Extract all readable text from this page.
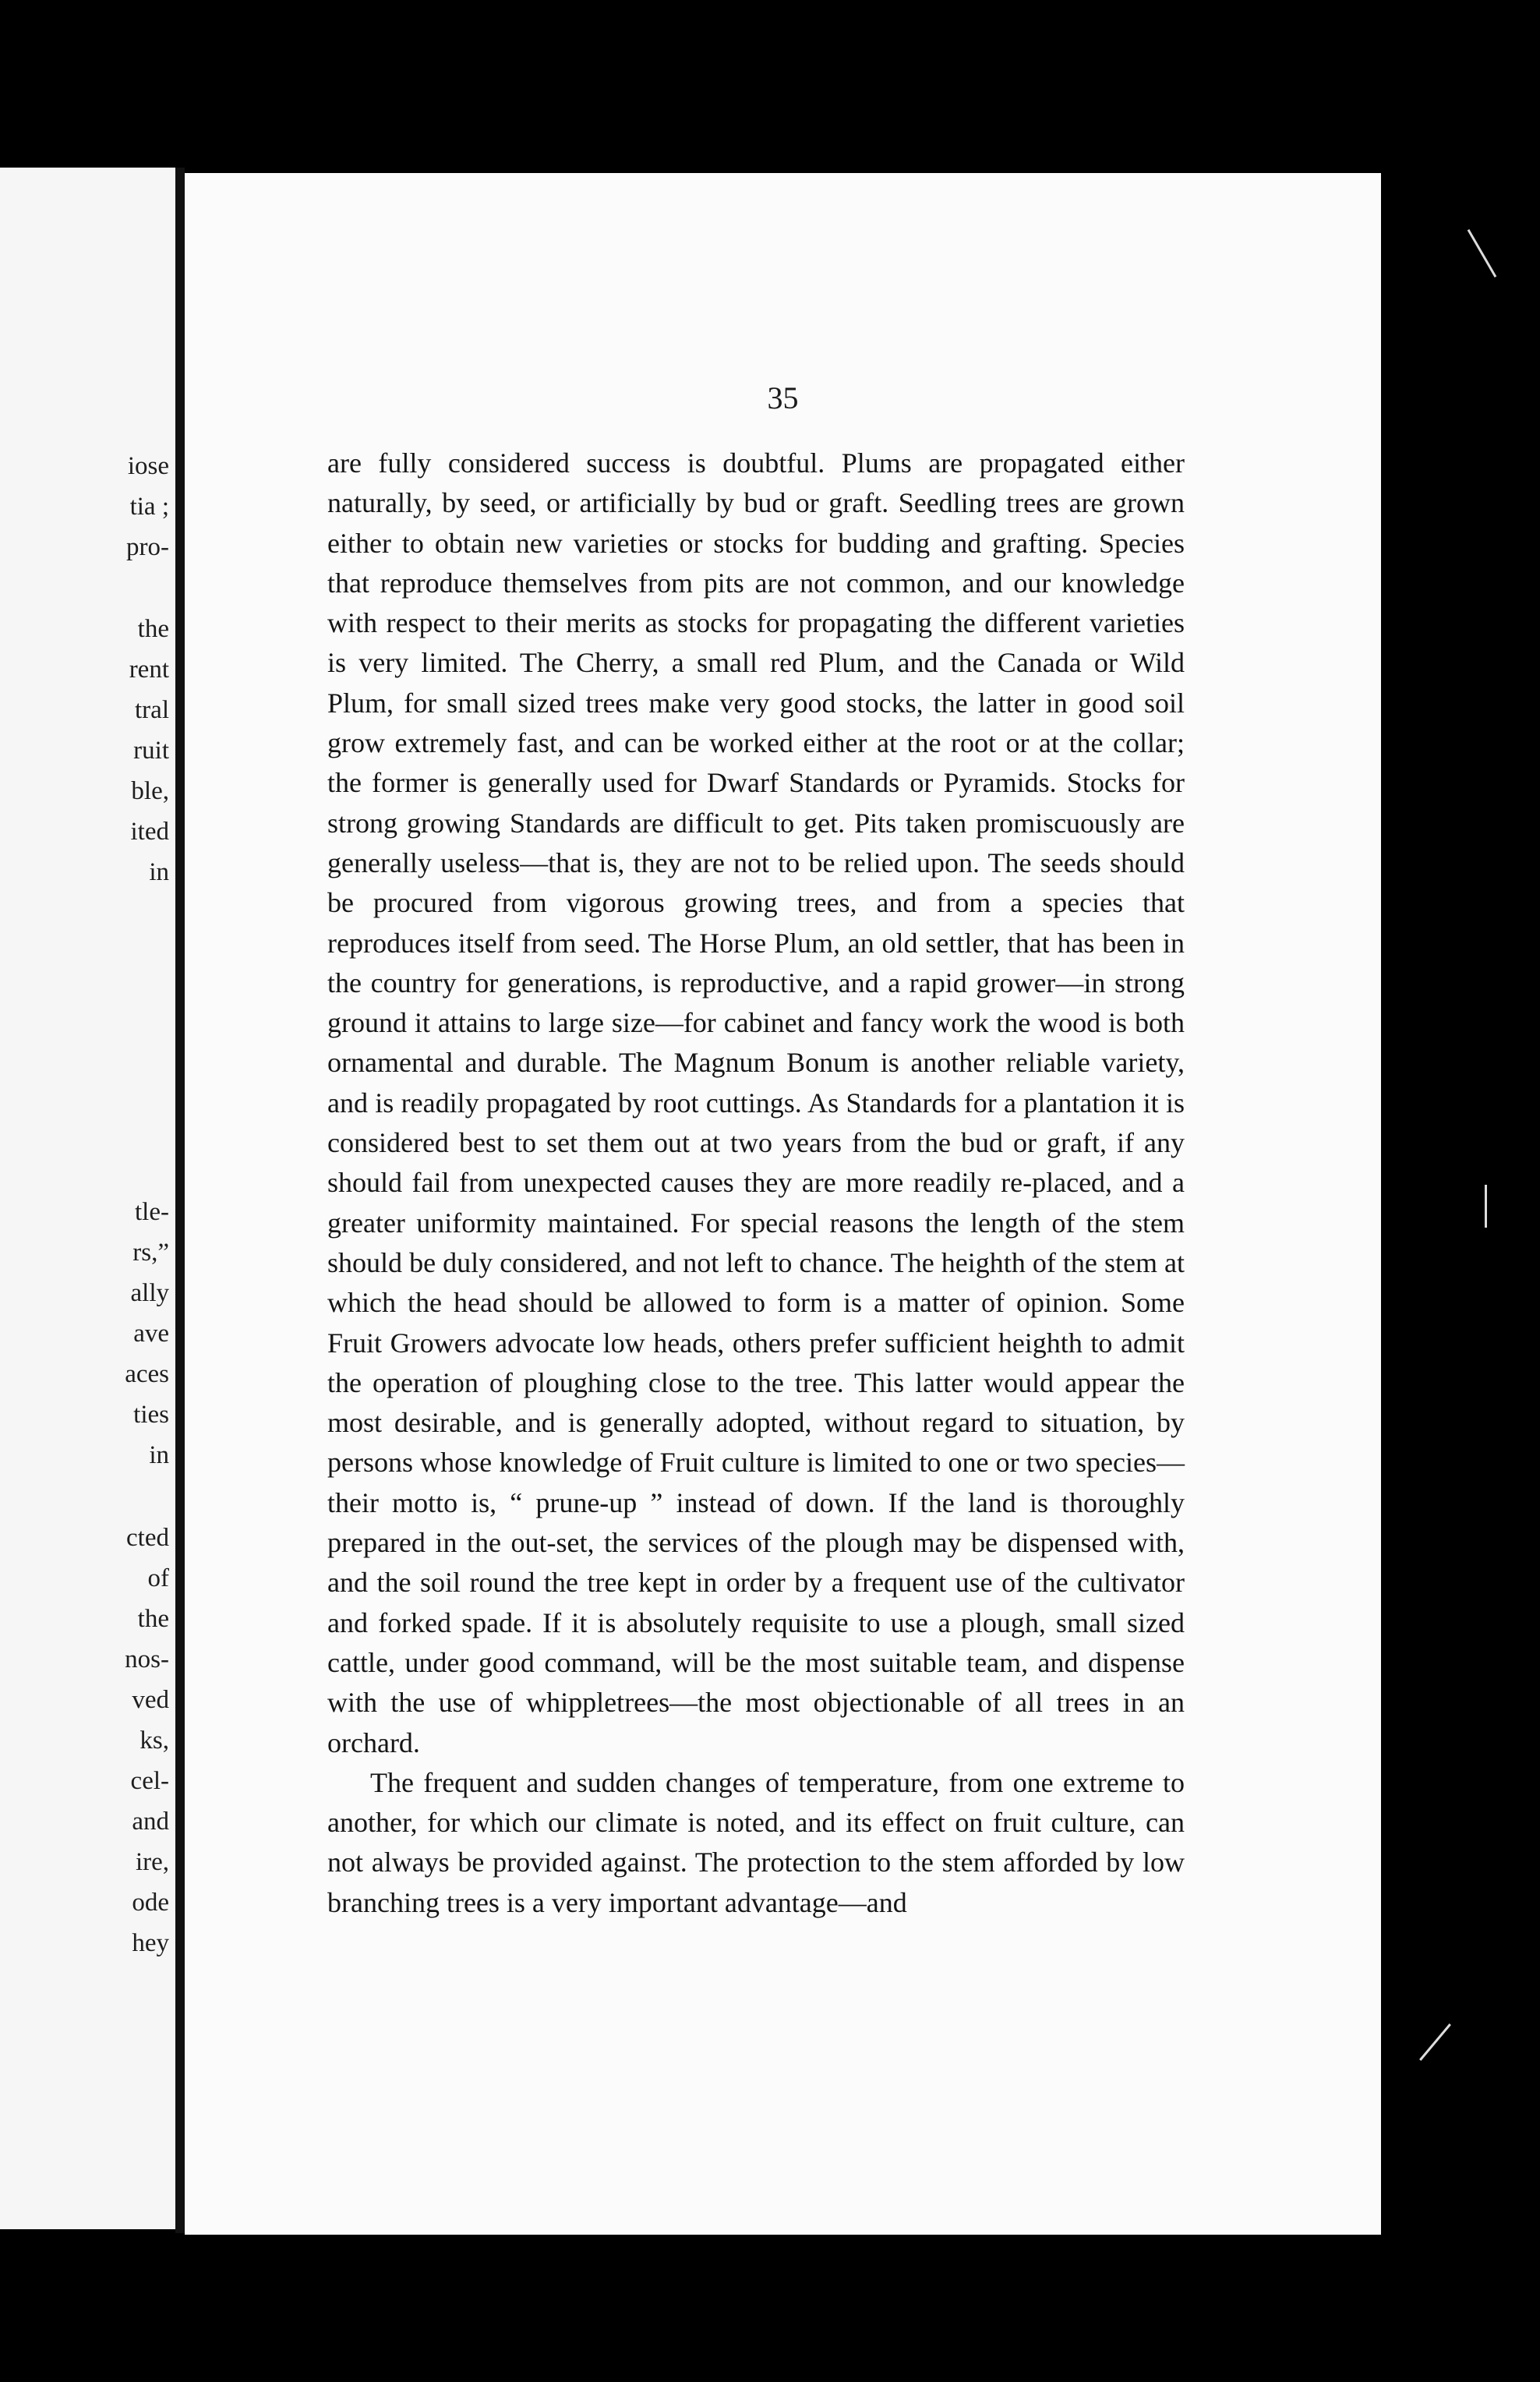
iose
tia ;
pro-
the
rent
tral
ruit
ble,
ited
in
tle-
rs,”
ally
ave
aces
ties
in
cted
of
the
nos-
ved
ks,
cel-
and
ire,
ode
hey
35

are fully considered success is doubtful. Plums are propagated either naturally, by seed, or artificially by bud or graft. Seedling trees are grown either to obtain new varieties or stocks for budding and grafting. Species that reproduce themselves from pits are not common, and our knowledge with respect to their merits as stocks for propagating the different varieties is very limited. The Cherry, a small red Plum, and the Canada or Wild Plum, for small sized trees make very good stocks, the latter in good soil grow extremely fast, and can be worked either at the root or at the collar; the former is generally used for Dwarf Standards or Pyramids. Stocks for strong growing Standards are difficult to get. Pits taken promiscuously are generally useless—that is, they are not to be relied upon. The seeds should be procured from vigorous growing trees, and from a species that reproduces itself from seed. The Horse Plum, an old settler, that has been in the country for generations, is reproductive, and a rapid grower—in strong ground it attains to large size—for cabinet and fancy work the wood is both ornamental and durable. The Magnum Bonum is another reliable variety, and is readily propagated by root cuttings. As Standards for a plantation it is considered best to set them out at two years from the bud or graft, if any should fail from unexpected causes they are more readily re-placed, and a greater uniformity maintained. For special reasons the length of the stem should be duly considered, and not left to chance. The heighth of the stem at which the head should be allowed to form is a matter of opinion. Some Fruit Growers advocate low heads, others prefer sufficient heighth to admit the operation of ploughing close to the tree. This latter would appear the most desirable, and is generally adopted, without regard to situation, by persons whose knowledge of Fruit culture is limited to one or two species—their motto is, “ prune-up ” instead of down. If the land is thoroughly prepared in the out-set, the services of the plough may be dispensed with, and the soil round the tree kept in order by a frequent use of the cultivator and forked spade. If it is absolutely requisite to use a plough, small sized cattle, under good command, will be the most suitable team, and dispense with the use of whippletrees—the most objectionable of all trees in an orchard.

The frequent and sudden changes of temperature, from one extreme to another, for which our climate is noted, and its effect on fruit culture, can not always be provided against. The protection to the stem afforded by low branching trees is a very important advantage—and
